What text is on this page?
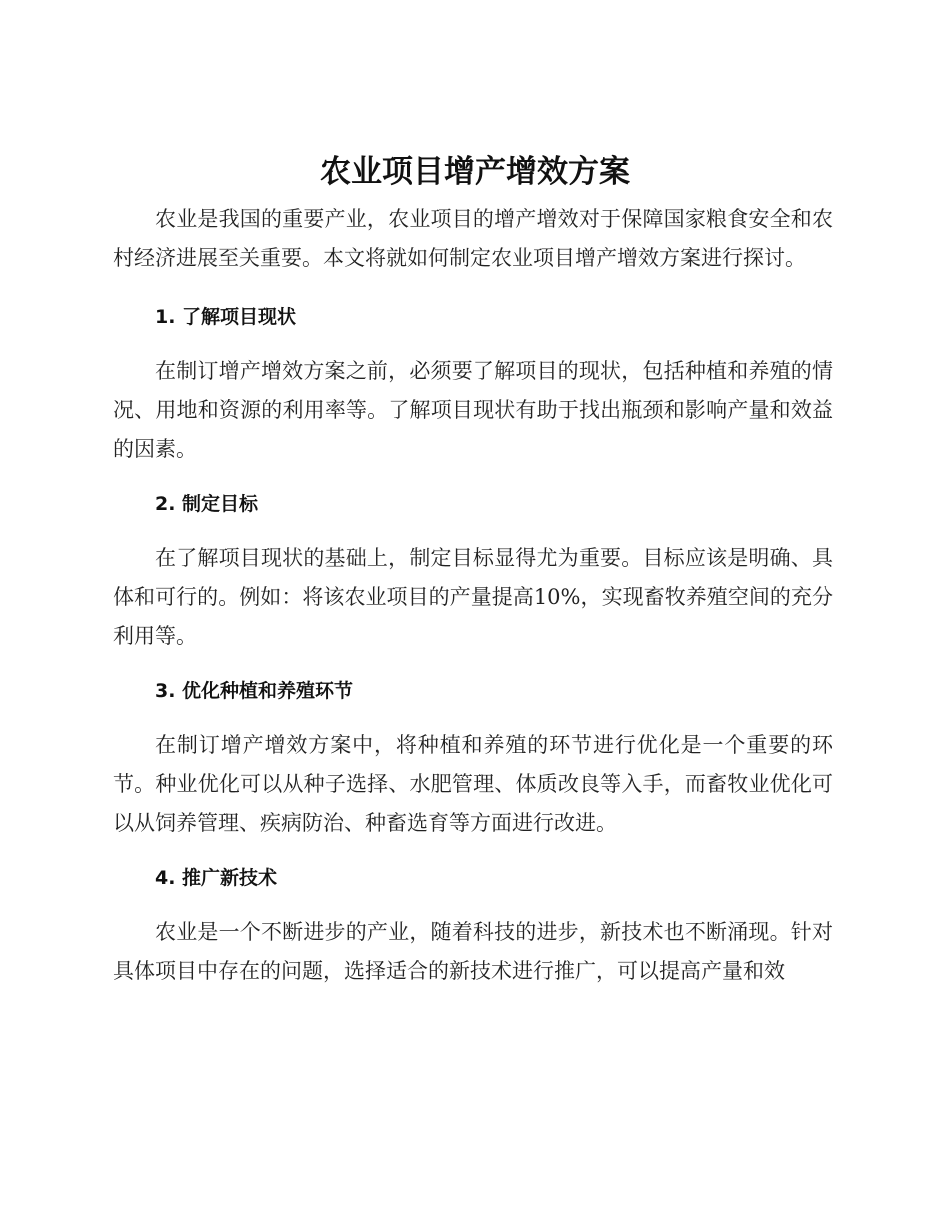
农业项目增产增效方案

农业是我国的重要产业，农业项目的增产增效对于保障国家粮食安全和农村经济进展至关重要。本文将就如何制定农业项目增产增效方案进行探讨。

1. 了解项目现状

在制订增产增效方案之前，必须要了解项目的现状，包括种植和养殖的情况、用地和资源的利用率等。了解项目现状有助于找出瓶颈和影响产量和效益的因素。

2. 制定目标

在了解项目现状的基础上，制定目标显得尤为重要。目标应该是明确、具体和可行的。例如：将该农业项目的产量提高10%，实现畜牧养殖空间的充分利用等。

3. 优化种植和养殖环节

在制订增产增效方案中，将种植和养殖的环节进行优化是一个重要的环节。种业优化可以从种子选择、水肥管理、体质改良等入手，而畜牧业优化可以从饲养管理、疾病防治、种畜选育等方面进行改进。

4. 推广新技术

农业是一个不断进步的产业，随着科技的进步，新技术也不断涌现。针对具体项目中存在的问题，选择适合的新技术进行推广，可以提高产量和效
